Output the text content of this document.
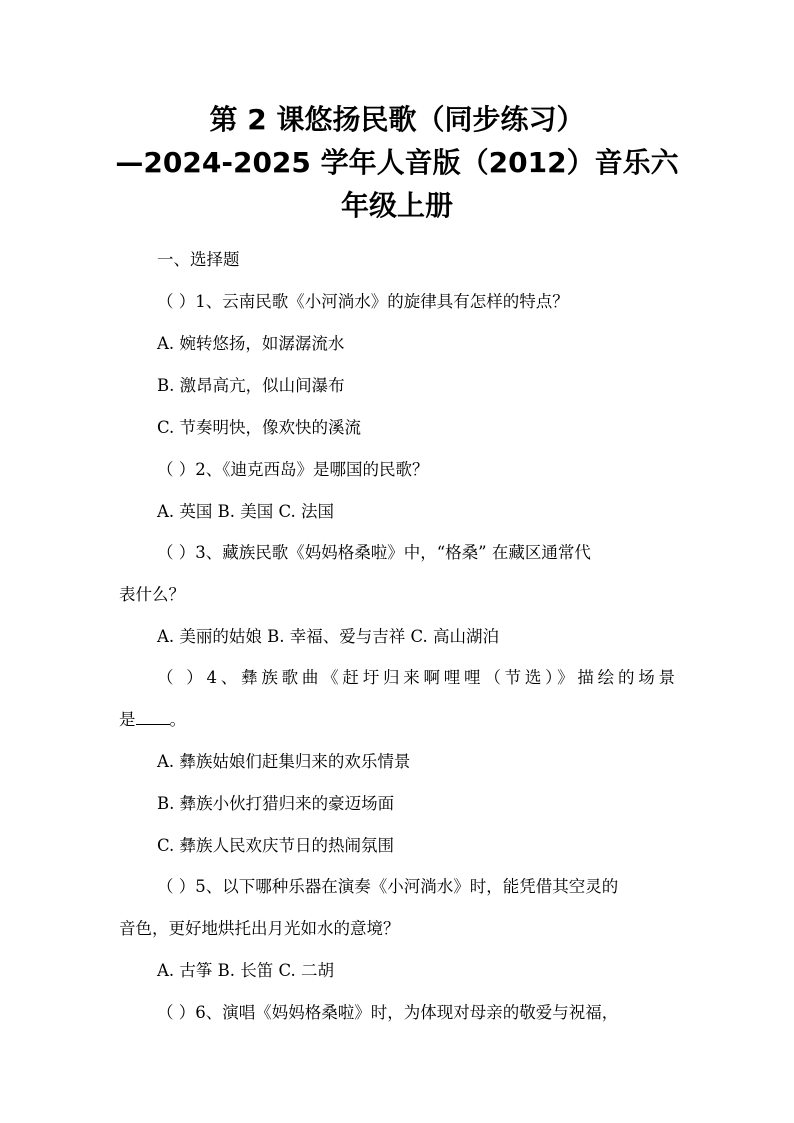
第 2 课悠扬民歌（同步练习）
—2024-2025 学年人音版（2012）音乐六
年级上册
一、选择题
（ ）1、云南民歌《小河淌水》的旋律具有怎样的特点？
A. 婉转悠扬，如潺潺流水
B. 激昂高亢，似山间瀑布
C. 节奏明快，像欢快的溪流
（ ）2、《迪克西岛》是哪国的民歌？
A. 英国 B. 美国 C. 法国
（ ）3、藏族民歌《妈妈格桑啦》中，“格桑” 在藏区通常代
表什么？
A. 美丽的姑娘 B. 幸福、爱与吉祥 C. 高山湖泊
（ ）4、彝族歌曲《赶圩归来啊哩哩（节选）》描绘的场景
是 。
A. 彝族姑娘们赶集归来的欢乐情景
B. 彝族小伙打猎归来的豪迈场面
C. 彝族人民欢庆节日的热闹氛围
（ ）5、以下哪种乐器在演奏《小河淌水》时，能凭借其空灵的
音色，更好地烘托出月光如水的意境？
A. 古筝 B. 长笛 C. 二胡
（ ）6、演唱《妈妈格桑啦》时，为体现对母亲的敬爱与祝福，
